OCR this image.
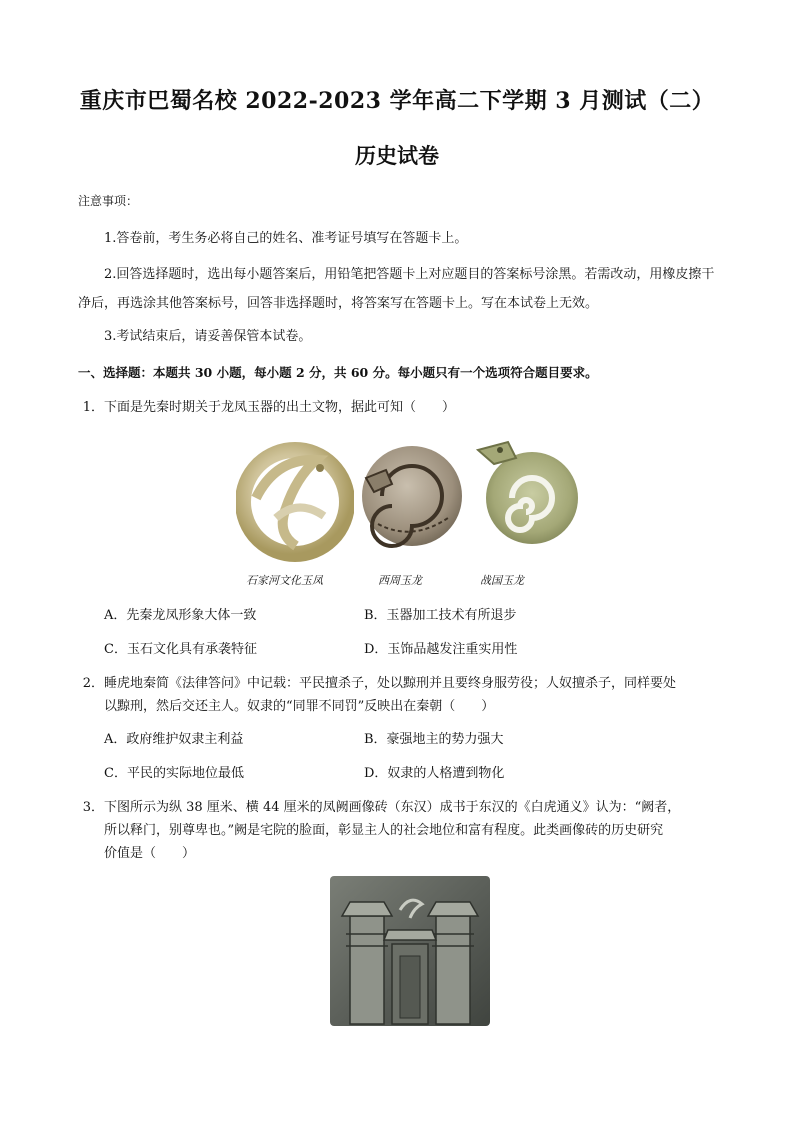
重庆市巴蜀名校 2022-2023 学年高二下学期 3 月测试（二）
历史试卷
注意事项：
1.答卷前，考生务必将自己的姓名、准考证号填写在答题卡上。
2.回答选择题时，选出每小题答案后，用铅笔把答题卡上对应题目的答案标号涂黑。若需改动，用橡皮擦干净后，再选涂其他答案标号，回答非选择题时，将答案写在答题卡上。写在本试卷上无效。
3.考试结束后，请妥善保管本试卷。
一、选择题：本题共 30 小题，每小题 2 分，共 60 分。每小题只有一个选项符合题目要求。
1．下面是先秦时期关于龙凤玉器的出土文物，据此可知（　　）
石家河文化玉凤	西周玉龙	战国玉龙
A．先秦龙凤形象大体一致	B．玉器加工技术有所退步
C．玉石文化具有承袭特征	D．玉饰品越发注重实用性
2．睡虎地秦简《法律答问》中记载：平民擅杀子，处以黥刑并且要终身服劳役；人奴擅杀子，同样要处
以黥刑，然后交还主人。奴隶的“同罪不同罚”反映出在秦朝（　　）
A．政府维护奴隶主利益	B．豪强地主的势力强大
C．平民的实际地位最低	D．奴隶的人格遭到物化
3．下图所示为纵 38 厘米、横 44 厘米的凤阙画像砖（东汉）成书于东汉的《白虎通义》认为：“阙者，
所以释门，别尊卑也。”阙是宅院的脸面，彰显主人的社会地位和富有程度。此类画像砖的历史研究
价值是（　　）
